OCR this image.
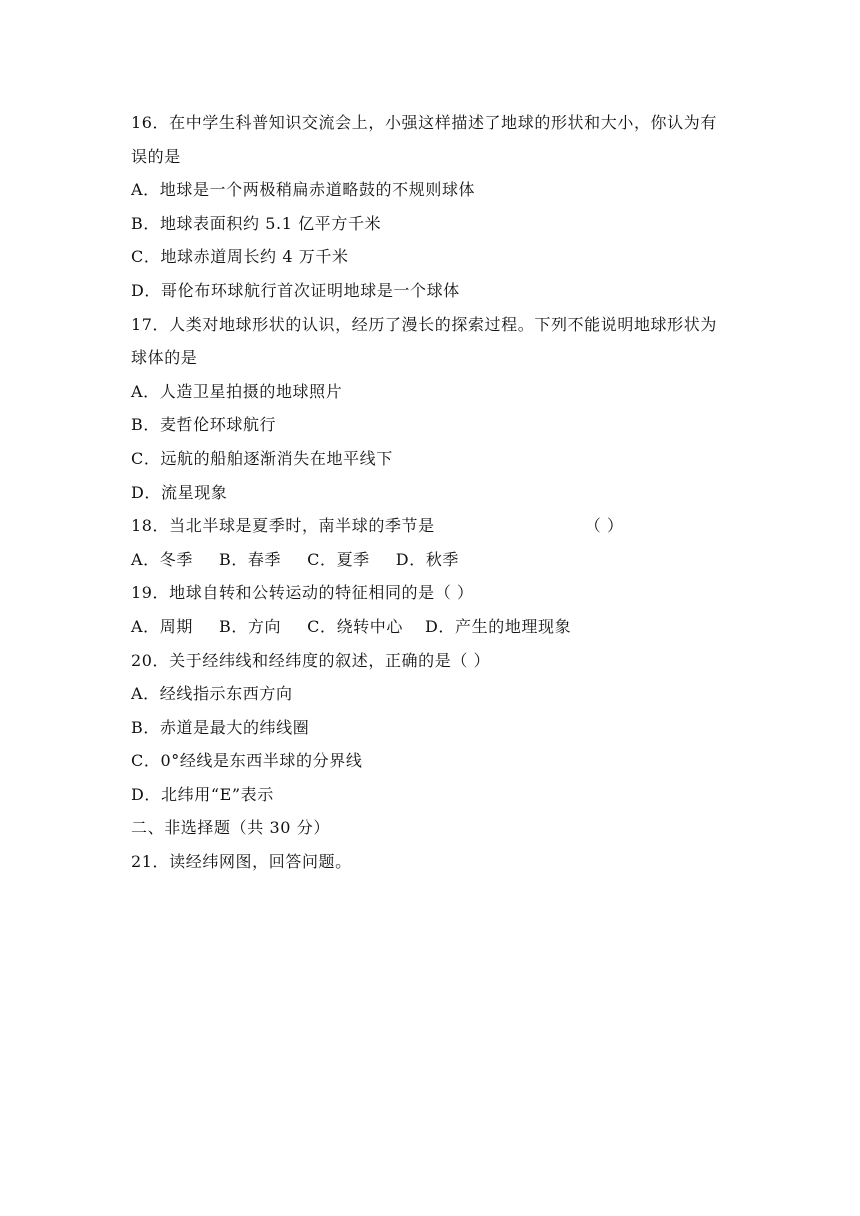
16．在中学生科普知识交流会上，小强这样描述了地球的形状和大小，你认为有
误的是
A．地球是一个两极稍扁赤道略鼓的不规则球体
B．地球表面积约 5.1 亿平方千米
C．地球赤道周长约 4 万千米
D．哥伦布环球航行首次证明地球是一个球体
17．人类对地球形状的认识，经历了漫长的探索过程。下列不能说明地球形状为
球体的是
A．人造卫星拍摄的地球照片
B．麦哲伦环球航行
C．远航的船舶逐渐消失在地平线下
D．流星现象
18．当北半球是夏季时，南半球的季节是	（ ）
A．冬季 B．春季 C．夏季 D．秋季
19．地球自转和公转运动的特征相同的是（ ）
A．周期 B．方向 C．绕转中心 D．产生的地理现象
20．关于经纬线和经纬度的叙述，正确的是（ ）
A．经线指示东西方向
B．赤道是最大的纬线圈
C．0°经线是东西半球的分界线
D．北纬用“E”表示
二、非选择题（共 30 分）
21．读经纬网图，回答问题。
